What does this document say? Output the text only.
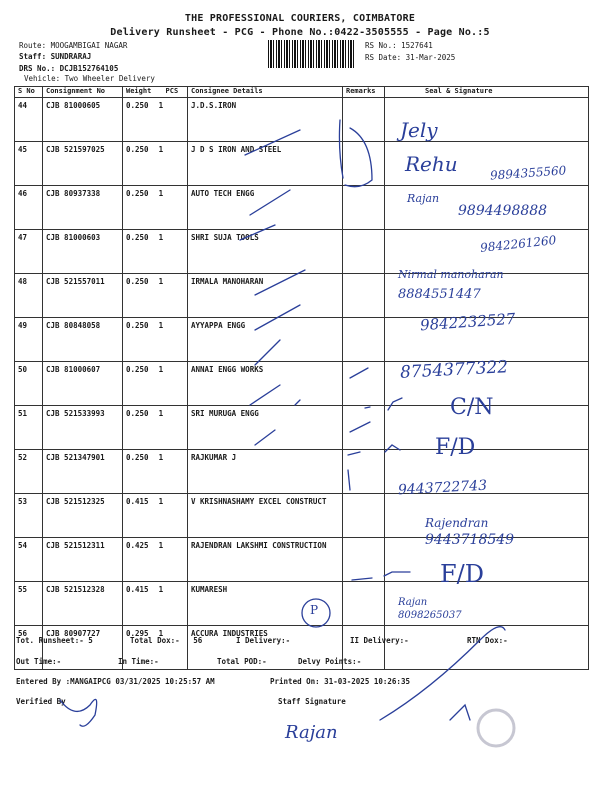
THE PROFESSIONAL COURIERS, COIMBATORE
Delivery Runsheet - PCG - Phone No.:0422-3505555 - Page No.:5
Route: MOOGAMBIGAI NAGAR
Staff: SUNDRARAJ
DRS No.: DCJB152764105
Vehicle: Two Wheeler Delivery
RS No.: 1527641
RS Date: 31-Mar-2025
S No	Consignment No	Weight PCS	Consignee Details	Remarks	Seal & Signature
44	CJB 81000605	0.250 1	J.D.S.IRON		
45	CJB 521597025	0.250 1	J D S IRON AND STEEL		
46	CJB 80937338	0.250 1	AUTO TECH ENGG		
47	CJB 81000603	0.250 1	SHRI SUJA TOOLS		
48	CJB 521557011	0.250 1	IRMALA MANOHARAN		
49	CJB 80848058	0.250 1	AYYAPPA ENGG		
50	CJB 81000607	0.250 1	ANNAI ENGG WORKS		
51	CJB 521533993	0.250 1	SRI MURUGA ENGG		
52	CJB 521347901	0.250 1	RAJKUMAR J		
53	CJB 521512325	0.415 1	V KRISHNASHAMY EXCEL CONSTRUCT		
54	CJB 521512311	0.425 1	RAJENDRAN LAKSHMI CONSTRUCTION		
55	CJB 521512328	0.415 1	KUMARESH		
56	CJB 80907727	0.295 1	ACCURA INDUSTRIES		
Tot. Runsheet:- 5	Total Dox:-   56	I Delivery:-	II Delivery:-	RTN Dox:-
Out Time:-	In Time:-	Total POD:-	Delvy Points:-
Entered By :MANGAIPCG 03/31/2025 10:25:57 AM	Printed On: 31-03-2025 10:26:35
Verified By	Staff Signature
Jely
Rehu	9894355560
Rajan
9894498888
9842261260
Nirmal manoharan
8884551447
9842232527
8754377322
C/N
F/D
9443722743
Rajendran
9443718549
F/D
Rajan
8098265037
P
Rajan
